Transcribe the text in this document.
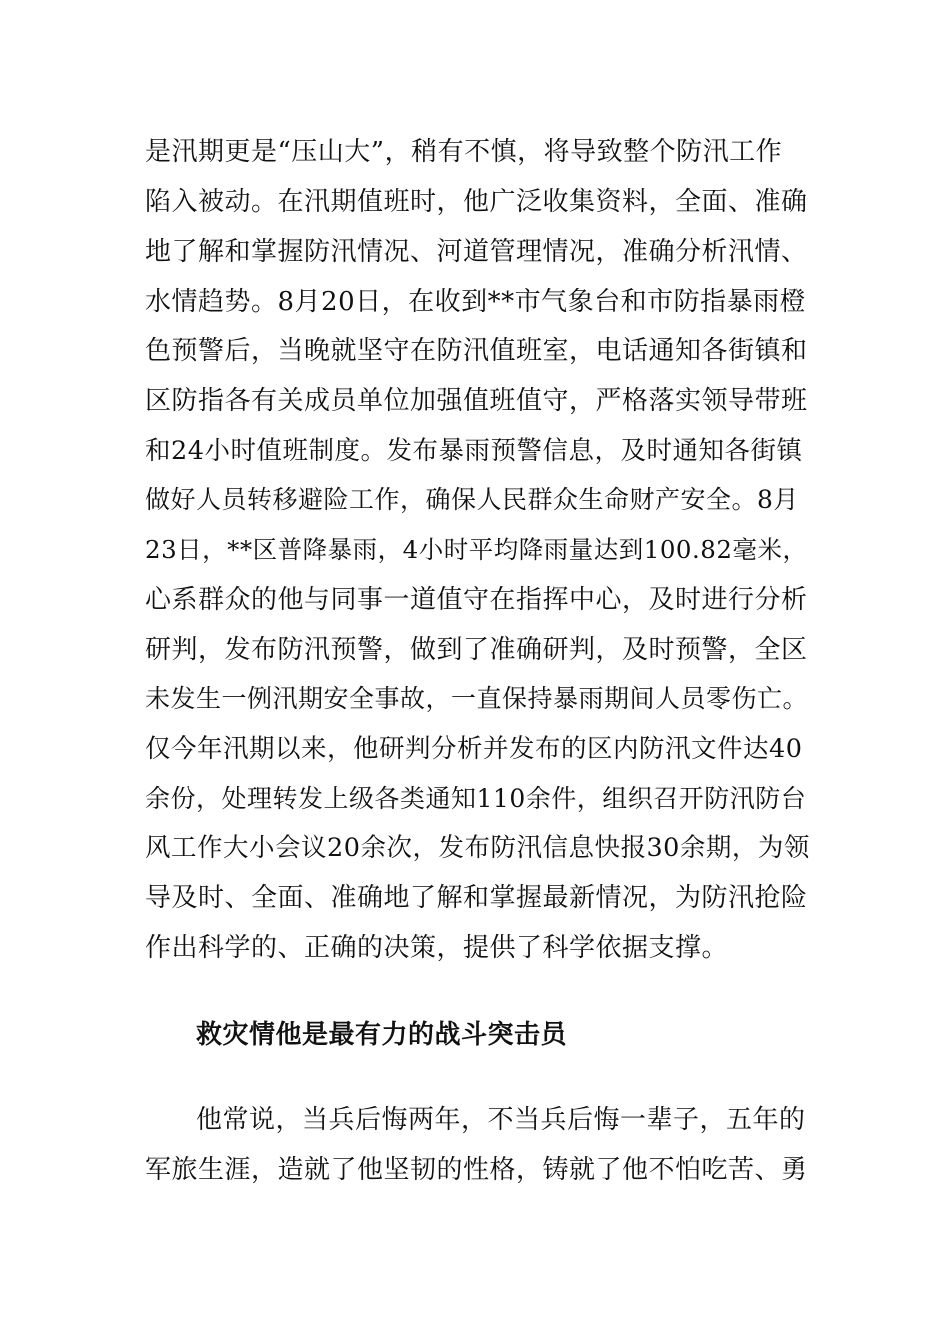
是汛期更是“压山大”，稍有不慎，将导致整个防汛工作
陷入被动。在汛期值班时，他广泛收集资料，全面、准确
地了解和掌握防汛情况、河道管理情况，准确分析汛情、
水情趋势。8月20日，在收到**市气象台和市防指暴雨橙
色预警后，当晚就坚守在防汛值班室，电话通知各街镇和
区防指各有关成员单位加强值班值守，严格落实领导带班
和24小时值班制度。发布暴雨预警信息，及时通知各街镇
做好人员转移避险工作，确保人民群众生命财产安全。8月
23日，**区普降暴雨，4小时平均降雨量达到100.82毫米，
心系群众的他与同事一道值守在指挥中心，及时进行分析
研判，发布防汛预警，做到了准确研判，及时预警，全区
未发生一例汛期安全事故，一直保持暴雨期间人员零伤亡。
仅今年汛期以来，他研判分析并发布的区内防汛文件达40
余份，处理转发上级各类通知110余件，组织召开防汛防台
风工作大小会议20余次，发布防汛信息快报30余期，为领
导及时、全面、准确地了解和掌握最新情况，为防汛抢险
作出科学的、正确的决策，提供了科学依据支撑。
救灾情他是最有力的战斗突击员
他常说，当兵后悔两年，不当兵后悔一辈子，五年的
军旅生涯，造就了他坚韧的性格，铸就了他不怕吃苦、勇
